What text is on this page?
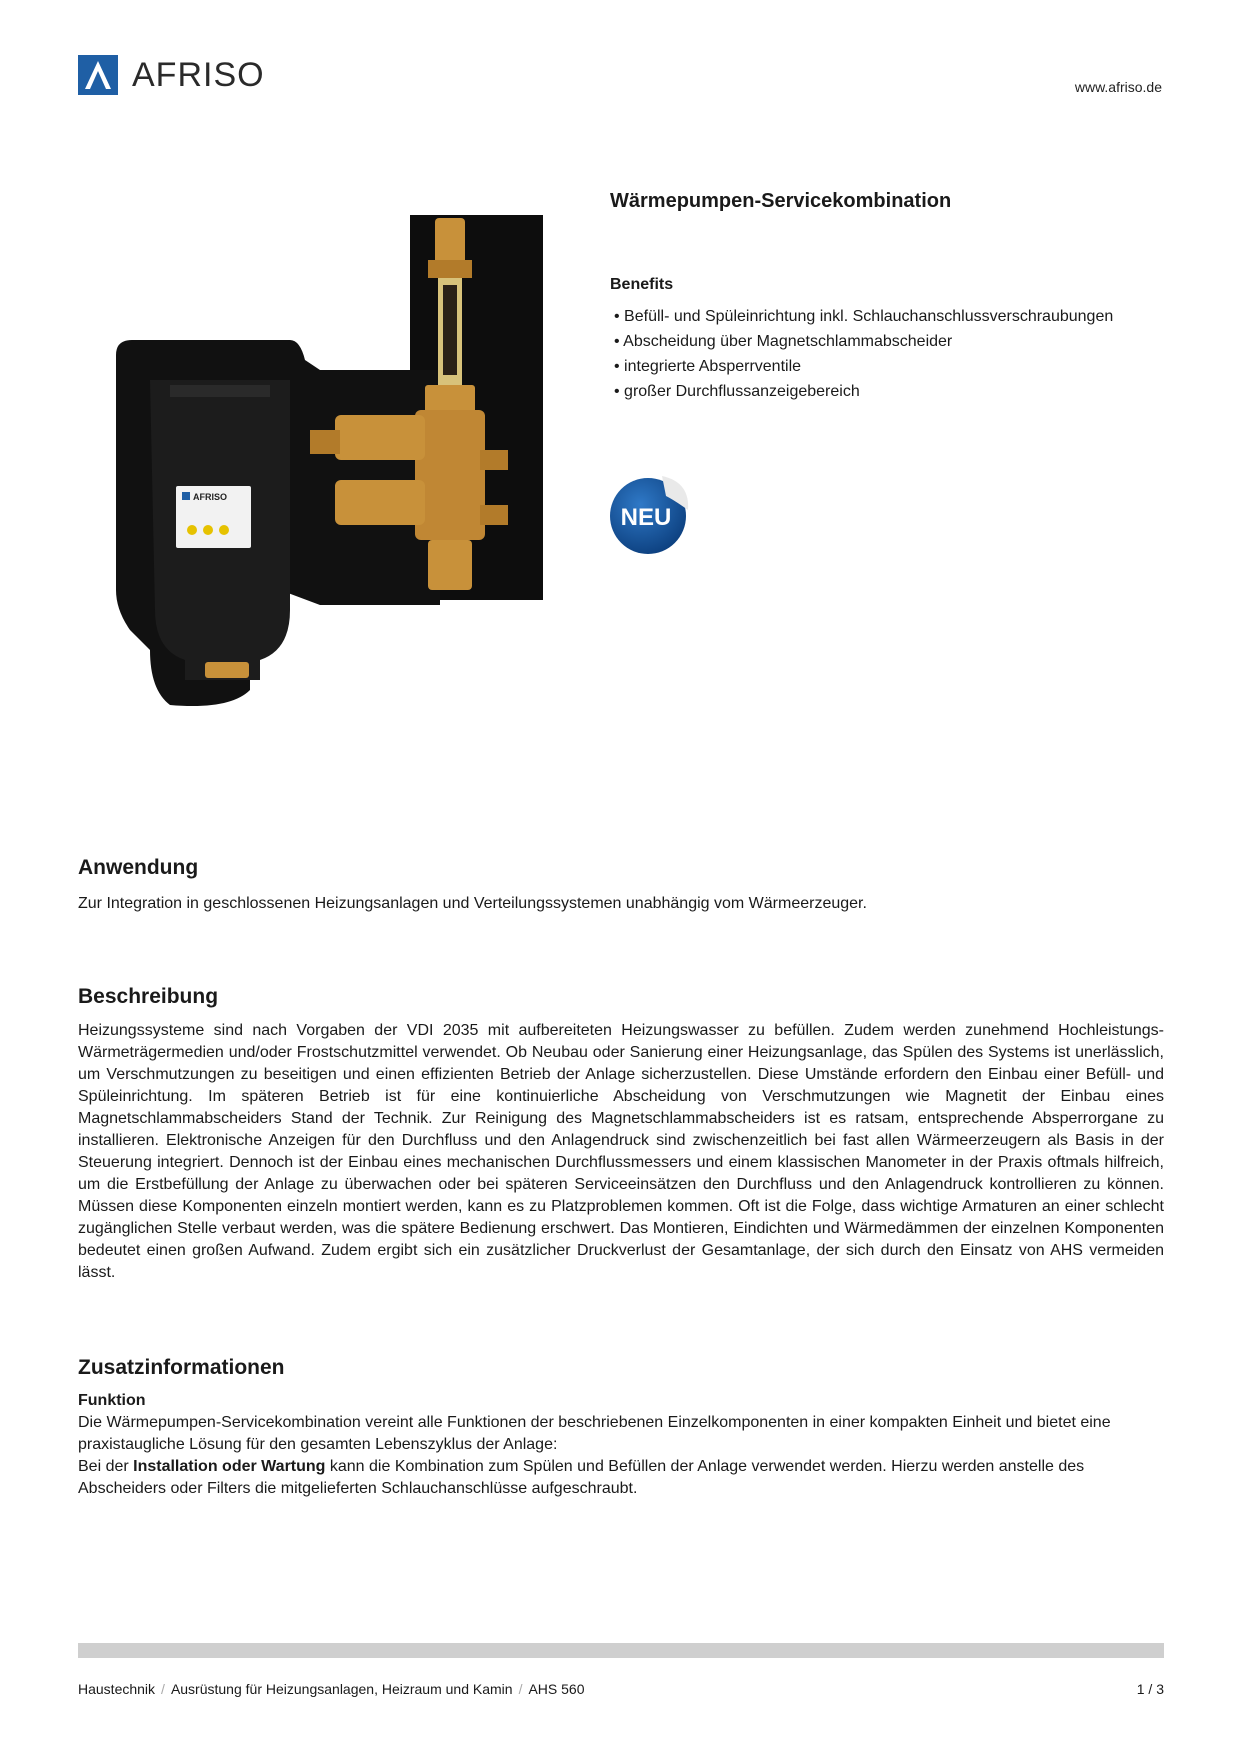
AFRISO	www.afriso.de
AFRISO
Wärmepumpen-Servicekombination
Benefits
• Befüll- und Spüleinrichtung inkl. Schlauchanschlussverschraubungen
• Abscheidung über Magnetschlammabscheider
• integrierte Absperrventile
• großer Durchflussanzeigebereich
NEU
Anwendung

Zur Integration in geschlossenen Heizungsanlagen und Verteilungssystemen unabhängig vom Wärmeerzeuger.

Beschreibung

Heizungssysteme sind nach Vorgaben der VDI 2035 mit aufbereiteten Heizungswasser zu befüllen. Zudem werden zunehmend Hochleistungs-Wärmeträgermedien und/oder Frostschutzmittel verwendet. Ob Neubau oder Sanierung einer Heizungsanlage, das Spülen des Systems ist unerlässlich, um Verschmutzungen zu beseitigen und einen effizienten Betrieb der Anlage sicherzustellen. Diese Umstände erfordern den Einbau einer Befüll- und Spüleinrichtung. Im späteren Betrieb ist für eine kontinuierliche Abscheidung von Verschmutzungen wie Magnetit der Einbau eines Magnetschlammabscheiders Stand der Technik. Zur Reinigung des Magnetschlammabscheiders ist es ratsam, entsprechende Absperrorgane zu installieren. Elektronische Anzeigen für den Durchfluss und den Anlagendruck sind zwischenzeitlich bei fast allen Wärmeerzeugern als Basis in der Steuerung integriert. Dennoch ist der Einbau eines mechanischen Durchflussmessers und einem klassischen Manometer in der Praxis oftmals hilfreich, um die Erstbefüllung der Anlage zu überwachen oder bei späteren Serviceeinsätzen den Durchfluss und den Anlagendruck kontrollieren zu können. Müssen diese Komponenten einzeln montiert werden, kann es zu Platzproblemen kommen. Oft ist die Folge, dass wichtige Armaturen an einer schlecht zugänglichen Stelle verbaut werden, was die spätere Bedienung erschwert. Das Montieren, Eindichten und Wärmedämmen der einzelnen Komponenten bedeutet einen großen Aufwand. Zudem ergibt sich ein zusätzlicher Druckverlust der Gesamtanlage, der sich durch den Einsatz von AHS vermeiden lässt.

Zusatzinformationen
Funktion

Die Wärmepumpen-Servicekombination vereint alle Funktionen der beschriebenen Einzelkomponenten in einer kompakten Einheit und bietet eine praxistaugliche Lösung für den gesamten Lebenszyklus der Anlage:

Bei der Installation oder Wartung kann die Kombination zum Spülen und Befüllen der Anlage verwendet werden. Hierzu werden anstelle des Abscheiders oder Filters die mitgelieferten Schlauchanschlüsse aufgeschraubt.

Haustechnik / Ausrüstung für Heizungsanlagen, Heizraum und Kamin / AHS 560	1 / 3
